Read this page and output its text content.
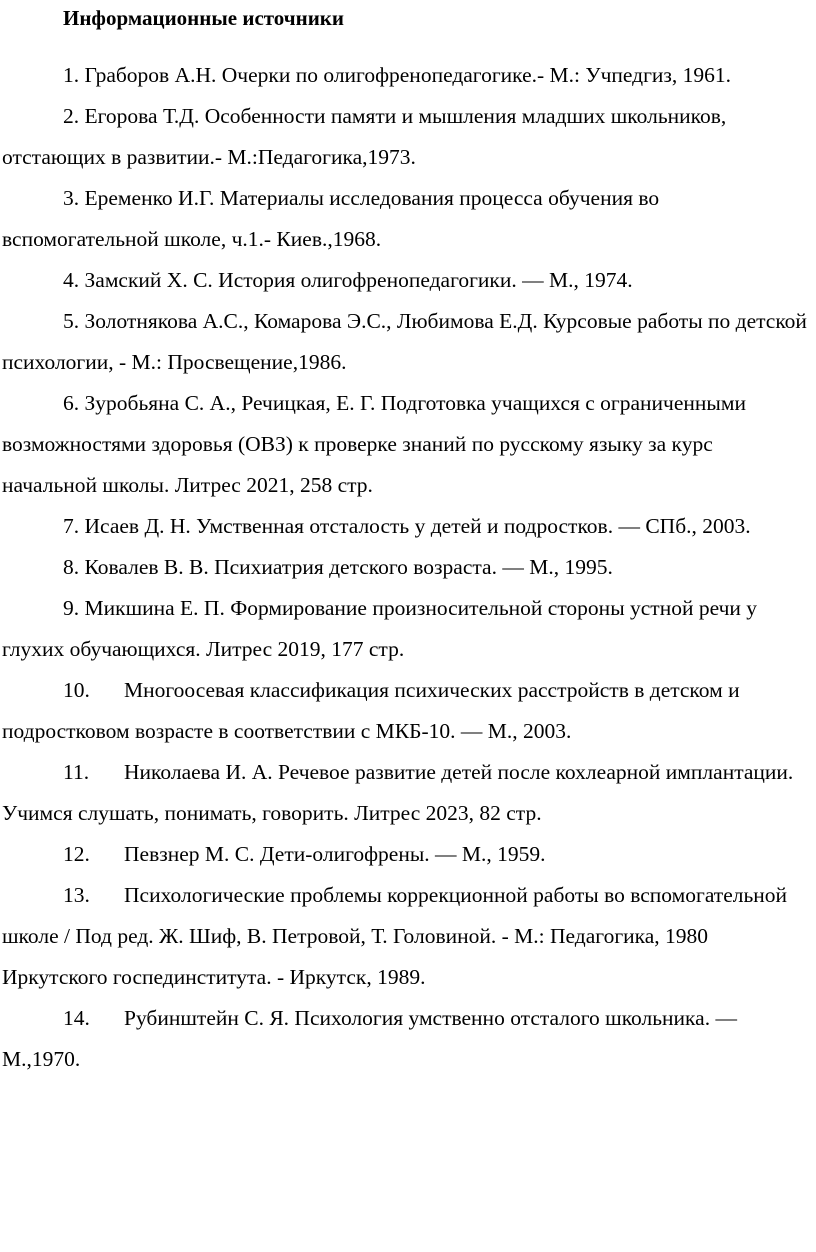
Информационные источники
1. Граборов А.Н. Очерки по олигофренопедагогике.- М.: Учпедгиз, 1961.
2. Егорова Т.Д. Особенности памяти и мышления младших школьников, отстающих в развитии.- М.:Педагогика,1973.
3. Еременко И.Г. Материалы исследования процесса обучения во вспомогательной школе, ч.1.- Киев.,1968.
4. Замский Х. С. История олигофренопедагогики. — М., 1974.
5. Золотнякова А.С., Комарова Э.С., Любимова Е.Д. Курсовые работы по детской психологии, - М.: Просвещение,1986.
6. Зуробьяна С. А., Речицкая, Е. Г. Подготовка учащихся с ограниченными возможностями здоровья (ОВЗ) к проверке знаний по русскому языку за курс начальной школы. Литрес 2021, 258 стр.
7. Исаев Д. Н. Умственная отсталость у детей и подростков. — СПб., 2003.
8. Ковалев В. В. Психиатрия детского возраста. — М., 1995.
9. Микшина Е. П. Формирование произносительной стороны устной речи у глухих обучающихся. Литрес 2019, 177 стр.
10. Многоосевая классификация психических расстройств в детском и подростковом возрасте в соответствии с МКБ-10. — М., 2003.
11. Николаева И. А. Речевое развитие детей после кохлеарной имплантации. Учимся слушать, понимать, говорить. Литрес 2023, 82 стр.
12. Певзнер М. С. Дети-олигофрены. — М., 1959.
13. Психологические проблемы коррекционной работы во вспомогательной школе / Под ред. Ж. Шиф, В. Петровой, Т. Головиной. - М.: Педагогика, 1980 Иркутского госпединститута. - Иркутск, 1989.
14. Рубинштейн С. Я. Психология умственно отсталого школьника. — М.,1970.
